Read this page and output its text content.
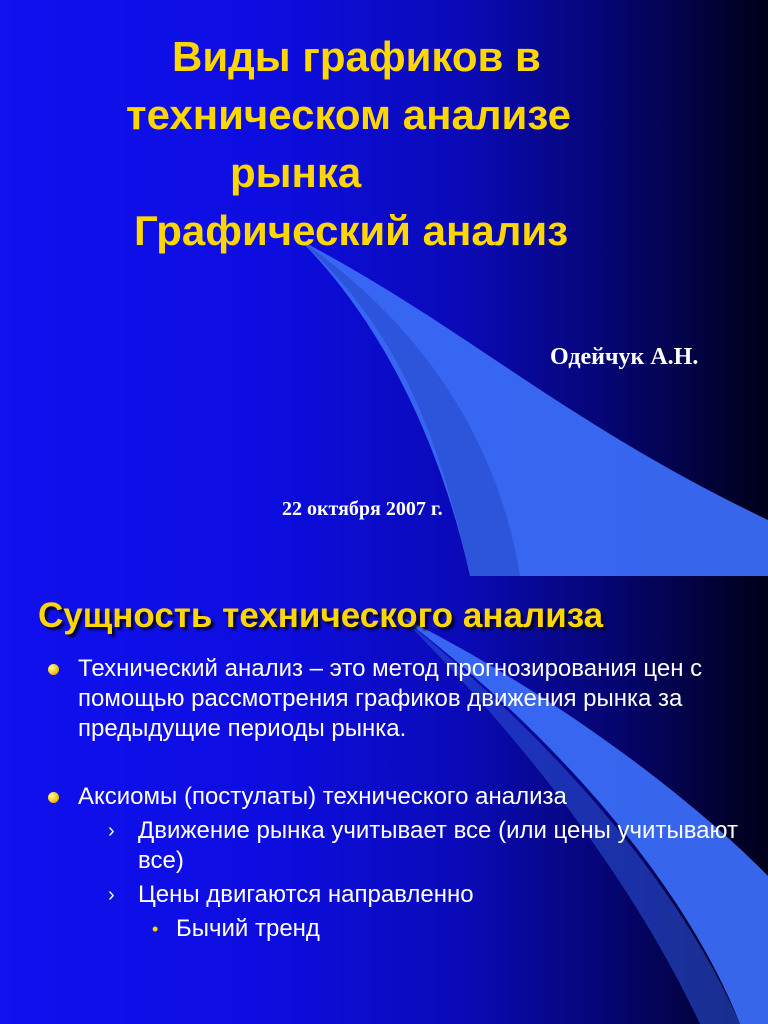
Виды графиков в
техническом анализе
рынка
Графический анализ
Одейчук А.Н.
22 октября 2007 г.
Сущность технического анализа
Технический анализ – это метод прогнозирования цен с помощью рассмотрения графиков движения рынка за предыдущие периоды рынка.
Аксиомы (постулаты) технического анализа
› Движение рынка учитывает все (или цены учитывают все)
› Цены двигаются направленно
• Бычий тренд
